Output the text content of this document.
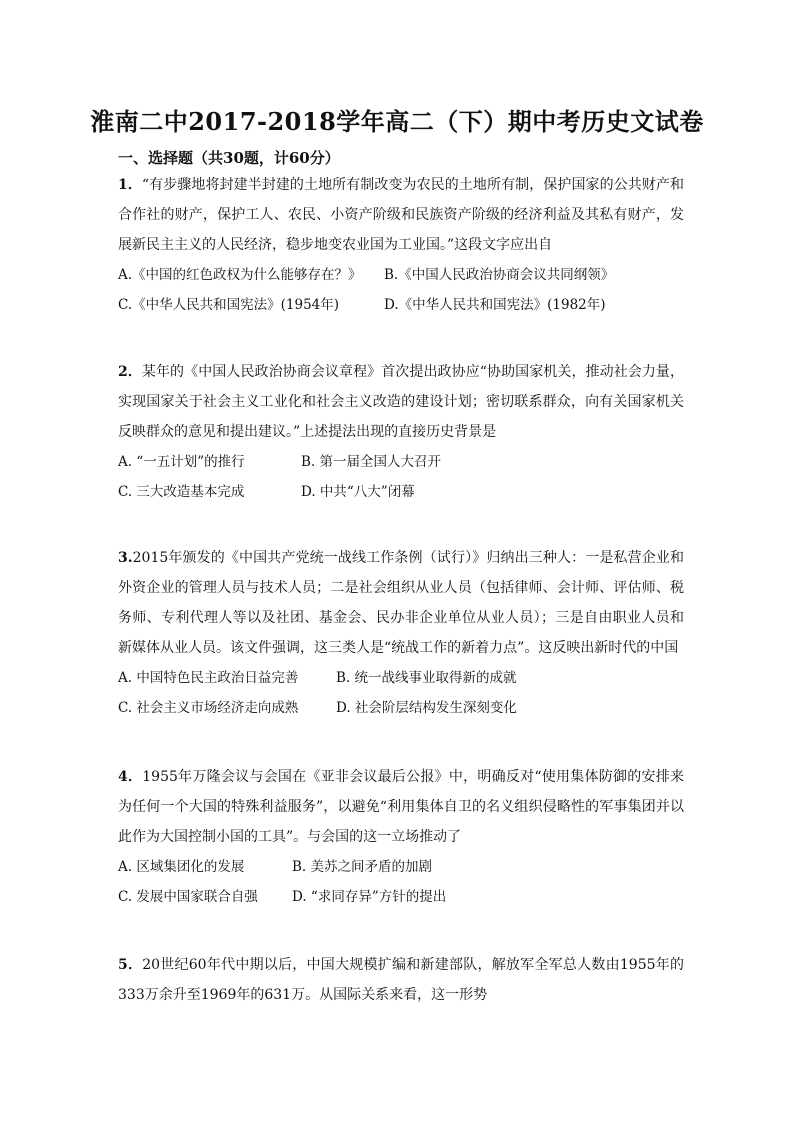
淮南二中2017-2018学年高二（下）期中考历史文试卷
一、选择题（共30题，计60分）
1．“有步骤地将封建半封建的土地所有制改变为农民的土地所有制，保护国家的公共财产和合作社的财产，保护工人、农民、小资产阶级和民族资产阶级的经济利益及其私有财产，发展新民主主义的人民经济，稳步地变农业国为工业国。”这段文字应出自
A.《中国的红色政权为什么能够存在？》 B.《中国人民政治协商会议共同纲领》
C.《中华人民共和国宪法》(1954年)	D.《中华人民共和国宪法》(1982年)
2．某年的《中国人民政治协商会议章程》首次提出政协应“协助国家机关，推动社会力量，实现国家关于社会主义工业化和社会主义改造的建设计划；密切联系群众，向有关国家机关反映群众的意见和提出建议。”上述提法出现的直接历史背景是
A. “一五计划”的推行	B. 第一届全国人大召开
C. 三大改造基本完成	D. 中共“八大”闭幕
3.2015年颁发的《中国共产党统一战线工作条例（试行）》归纳出三种人：一是私营企业和外资企业的管理人员与技术人员；二是社会组织从业人员（包括律师、会计师、评估师、税务师、专利代理人等以及社团、基金会、民办非企业单位从业人员）；三是自由职业人员和新媒体从业人员。该文件强调，这三类人是“统战工作的新着力点”。这反映出新时代的中国
A. 中国特色民主政治日益完善	B. 统一战线事业取得新的成就
C. 社会主义市场经济走向成熟	D. 社会阶层结构发生深刻变化
4．1955年万隆会议与会国在《亚非会议最后公报》中，明确反对“使用集体防御的安排来为任何一个大国的特殊利益服务”，以避免“利用集体自卫的名义组织侵略性的军事集团并以此作为大国控制小国的工具”。与会国的这一立场推动了
A. 区域集团化的发展	B. 美苏之间矛盾的加剧
C. 发展中国家联合自强	D. “求同存异”方针的提出
5．20世纪60年代中期以后，中国大规模扩编和新建部队，解放军全军总人数由1955年的333万余升至1969年的631万。从国际关系来看，这一形势
